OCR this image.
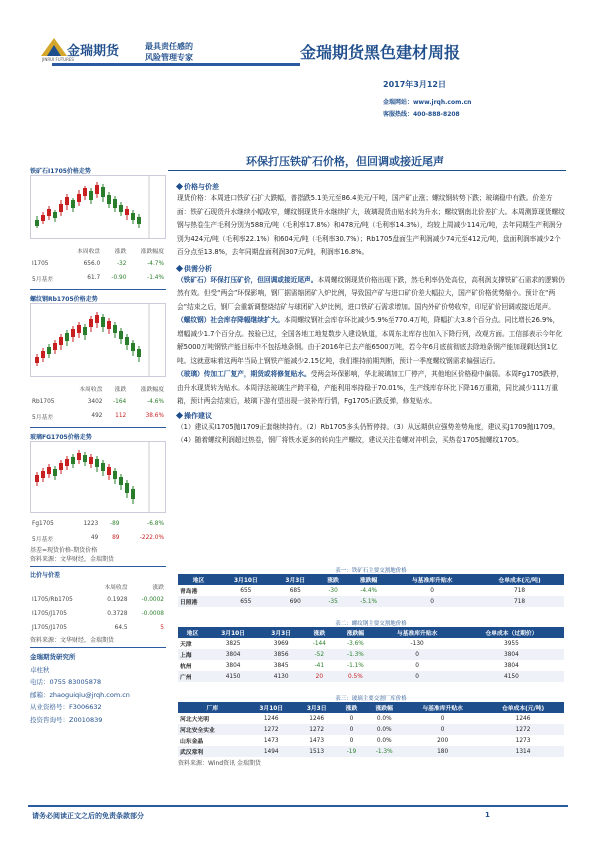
金瑞期货
JINRUI FUTURES
最具责任感的
风险管理专家	金瑞期货黑色建材周报
2017年3月12日
金瑞网站：www.jrqh.com.cn
客服热线：400-888-8208
环保打压铁矿石价格，但回调或接近尾声
铁矿石I1705价格走势
	本周收盘	涨跌	涨跌幅度
I1705	656.0	-32	-4.7%
5月基差	61.7	-0.90	-1.4%
螺纹钢Rb1705价格走势
	本周收盘	涨跌	涨跌幅度
Rb1705	3402	-164	-4.6%
5月基差	492	112	38.6%
玻璃FG1705价格走势
Fg1705	1223	-89	-6.8%
5月基差	49	89	-222.0%
基差=现货价格-期货价格
资料来源：文华财经，金瑞期货
比价与价差
	本周收盘	涨跌
I1705/Rb1705	0.1928	-0.0002
I1705/J1705	0.3728	-0.0008
J1705/J1705	64.5	5
资料来源：文华财经，金瑞期货
金瑞期货研究所
卓柱秋
电话：0755 83005878
邮箱：zhaoguiqiu@jrqh.com.cn
从业资格号：F3006632
投资咨询号：Z0010839
价格与价差
现货价格：本周进口铁矿石扩大跌幅，普指跌5.1美元至86.4美元/干吨，国产矿止涨；螺纹钢转势下跌；玻璃稳中有跌。价差方面：铁矿石现货升水继续小幅收窄，螺纹钢现货升水继续扩大，玻璃现货由贴水转为升水；螺纹钢南北价差扩大。本周测算现货螺纹钢与热卷生产毛利分别为588元/吨（毛利率17.8%）和478元/吨（毛利率14.3%），均较上周减少114元/吨，去年同期生产利润分别为424元/吨（毛利率22.1%）和604元/吨（毛利率30.7%）；Rb1705盘面生产利润减少74元至412元/吨，盘面利润率减少2个百分点至13.8%，去年同期盘面利润307元/吨，利润率16.8%。
供需分析
（铁矿石）环保打压矿价，但回调或接近尾声。本周螺纹钢现货价格出现下跌，然毛利率仍处高位，高利润支撑铁矿石需求的逻辑仍然有效。但受“两会”环保影响，钢厂据需缩团矿入炉比例，导致国产矿与进口矿价差大幅拉大，国产矿价格优势缩小。预计在“两会”结束之后，钢厂会重新调整烧结矿与球团矿入炉比例，进口铁矿石需求增加。国内外矿价势收窄，印尼矿价回调或接近尾声。
（螺纹钢）社会库存降幅继续扩大。本周螺纹钢社会库存环比减少5.9%至770.4万吨，降幅扩大3.8个百分点。同比增长26.9%，增幅减少1.7个百分点。按验已过，全国各地工地复数步入建设轨道，本周东北库存也加入下降行列，改观方面。工信部表示今年化解5000万吨钢铁产能目标中不包括地条钢。由于2016年已去产能6500万吨，若今年6月底前彻底去除地条钢产能加现剩达到1亿吨。这就意味着这两年当局上钢铁产能减少2.15亿吨，我们维持前期判断，预计一季度螺纹钢需求偏强运行。
（玻璃）传加工厂复产，期货或将修复贴水。受两会环保影响，华北玻璃加工厂停产，其他地区价格稳中偏弱。本周Fg1705跌停，由升水现货转为贴水。本周浮法玻璃生产跨平稳，产能利用率持稳于70.01%，生产线库存环比下降16万重箱，同比减少111万重箱，预计两会结束后，玻璃下游有望出现一波补库行情，Fg1705正跌反弹，修复贴水。
操作建议
（1）建议买I1705抛I1709正套继续持有。（2）Rb1705多头仍暂停持。（3）从远期供应强势差势角度，建议买J1709抛I1709。（4）随着螺纹利润超过热卷，钢厂将铁水更多的转向生产螺纹，建议关注卷螺对冲机会，买热卷1705抛螺纹1705。
表一：铁矿石主要交割地价格
地区	3月10日	3月3日	涨跌	涨跌幅	与基准库升贴水	仓单成本(元/吨)
青岛港	655	685	-30	-4.4%	0	718
日照港	655	690	-35	-5.1%	0	718
表二：螺纹钢主要交割地价格
地区	3月10日	3月3日	涨跌	涨跌幅	与基准库升贴水	仓单成本（过期价）
天津	3825	3969	-144	-3.6%	-130	3955
上海	3804	3856	-52	-1.3%	0	3804
杭州	3804	3845	-41	-1.1%	0	3804
广州	4150	4130	20	0.5%	0	4150
表三：玻璃主要交割厂库价格
厂库	3月10日	3月3日	涨跌	涨跌幅	与基准库升贴水	仓单成本(元/吨)
河北大光明	1246	1246	0	0.0%	0	1246
河北安全实业	1272	1272	0	0.0%	0	1272
山东金晶	1473	1473	0	0.0%	200	1273
武汉常利	1494	1513	-19	-1.3%	180	1314
资料来源：Wind资讯 金瑞期货
请务必阅读正文之后的免责条款部分	1
